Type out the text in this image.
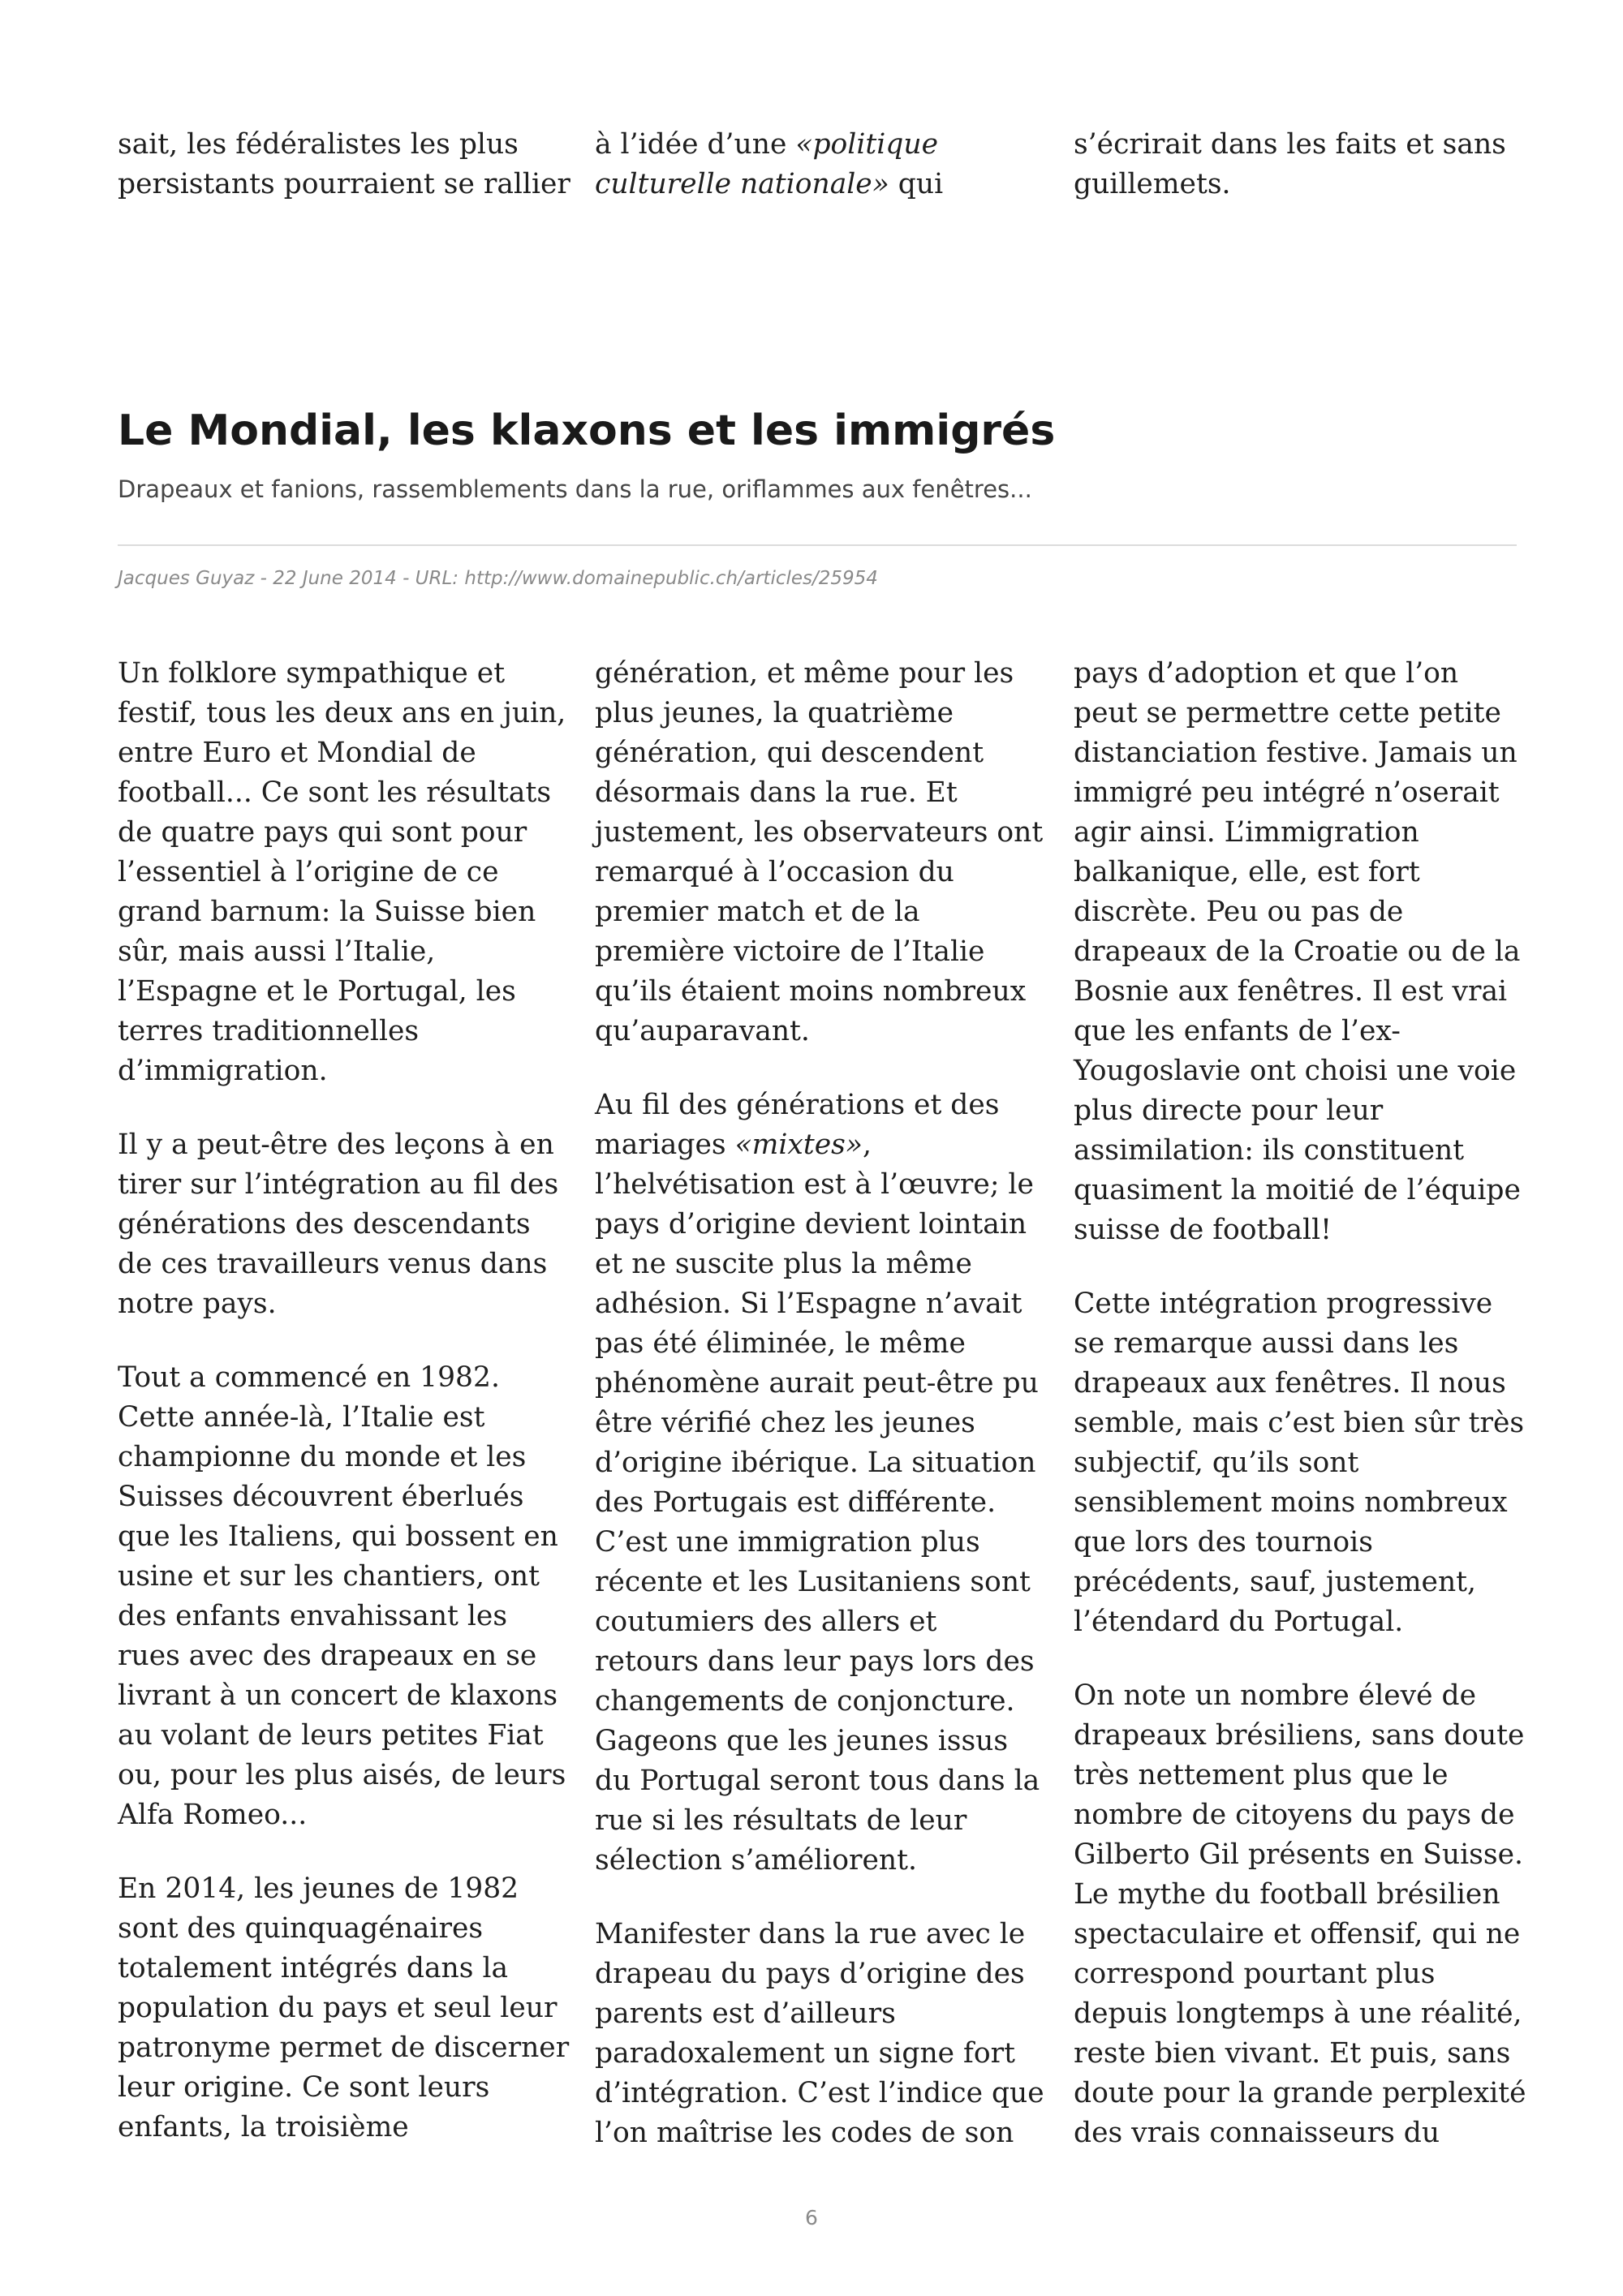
sait, les fédéralistes les plus persistants pourraient se rallier

à l’idée d’une «politique culturelle nationale» qui

s’écrirait dans les faits et sans guillemets.

Le Mondial, les klaxons et les immigrés

Drapeaux et fanions, rassemblements dans la rue, oriflammes aux fenêtres...

Jacques Guyaz - 22 June 2014 - URL: http://www.domainepublic.ch/articles/25954

Un folklore sympathique et festif, tous les deux ans en juin, entre Euro et Mondial de football... Ce sont les résultats de quatre pays qui sont pour l’essentiel à l’origine de ce grand barnum: la Suisse bien sûr, mais aussi l’Italie, l’Espagne et le Portugal, les terres traditionnelles d’immigration.

Il y a peut-être des leçons à en tirer sur l’intégration au fil des générations des descendants de ces travailleurs venus dans notre pays.

Tout a commencé en 1982. Cette année-là, l’Italie est championne du monde et les Suisses découvrent éberlués que les Italiens, qui bossent en usine et sur les chantiers, ont des enfants envahissant les rues avec des drapeaux en se livrant à un concert de klaxons au volant de leurs petites Fiat ou, pour les plus aisés, de leurs Alfa Romeo...

En 2014, les jeunes de 1982 sont des quinquagénaires totalement intégrés dans la population du pays et seul leur patronyme permet de discerner leur origine. Ce sont leurs enfants, la troisième

génération, et même pour les plus jeunes, la quatrième génération, qui descendent désormais dans la rue. Et justement, les observateurs ont remarqué à l’occasion du premier match et de la première victoire de l’Italie qu’ils étaient moins nombreux qu’auparavant.

Au fil des générations et des mariages «mixtes», l’helvétisation est à l’œuvre; le pays d’origine devient lointain et ne suscite plus la même adhésion. Si l’Espagne n’avait pas été éliminée, le même phénomène aurait peut-être pu être vérifié chez les jeunes d’origine ibérique. La situation des Portugais est différente. C’est une immigration plus récente et les Lusitaniens sont coutumiers des allers et retours dans leur pays lors des changements de conjoncture. Gageons que les jeunes issus du Portugal seront tous dans la rue si les résultats de leur sélection s’améliorent.

Manifester dans la rue avec le drapeau du pays d’origine des parents est d’ailleurs paradoxalement un signe fort d’intégration. C’est l’indice que l’on maîtrise les codes de son

pays d’adoption et que l’on peut se permettre cette petite distanciation festive. Jamais un immigré peu intégré n’oserait agir ainsi. L’immigration balkanique, elle, est fort discrète. Peu ou pas de drapeaux de la Croatie ou de la Bosnie aux fenêtres. Il est vrai que les enfants de l’ex-Yougoslavie ont choisi une voie plus directe pour leur assimilation: ils constituent quasiment la moitié de l’équipe suisse de football!

Cette intégration progressive se remarque aussi dans les drapeaux aux fenêtres. Il nous semble, mais c’est bien sûr très subjectif, qu’ils sont sensiblement moins nombreux que lors des tournois précédents, sauf, justement, l’étendard du Portugal.

On note un nombre élevé de drapeaux brésiliens, sans doute très nettement plus que le nombre de citoyens du pays de Gilberto Gil présents en Suisse. Le mythe du football brésilien spectaculaire et offensif, qui ne correspond pourtant plus depuis longtemps à une réalité, reste bien vivant. Et puis, sans doute pour la grande perplexité des vrais connaisseurs du

6
